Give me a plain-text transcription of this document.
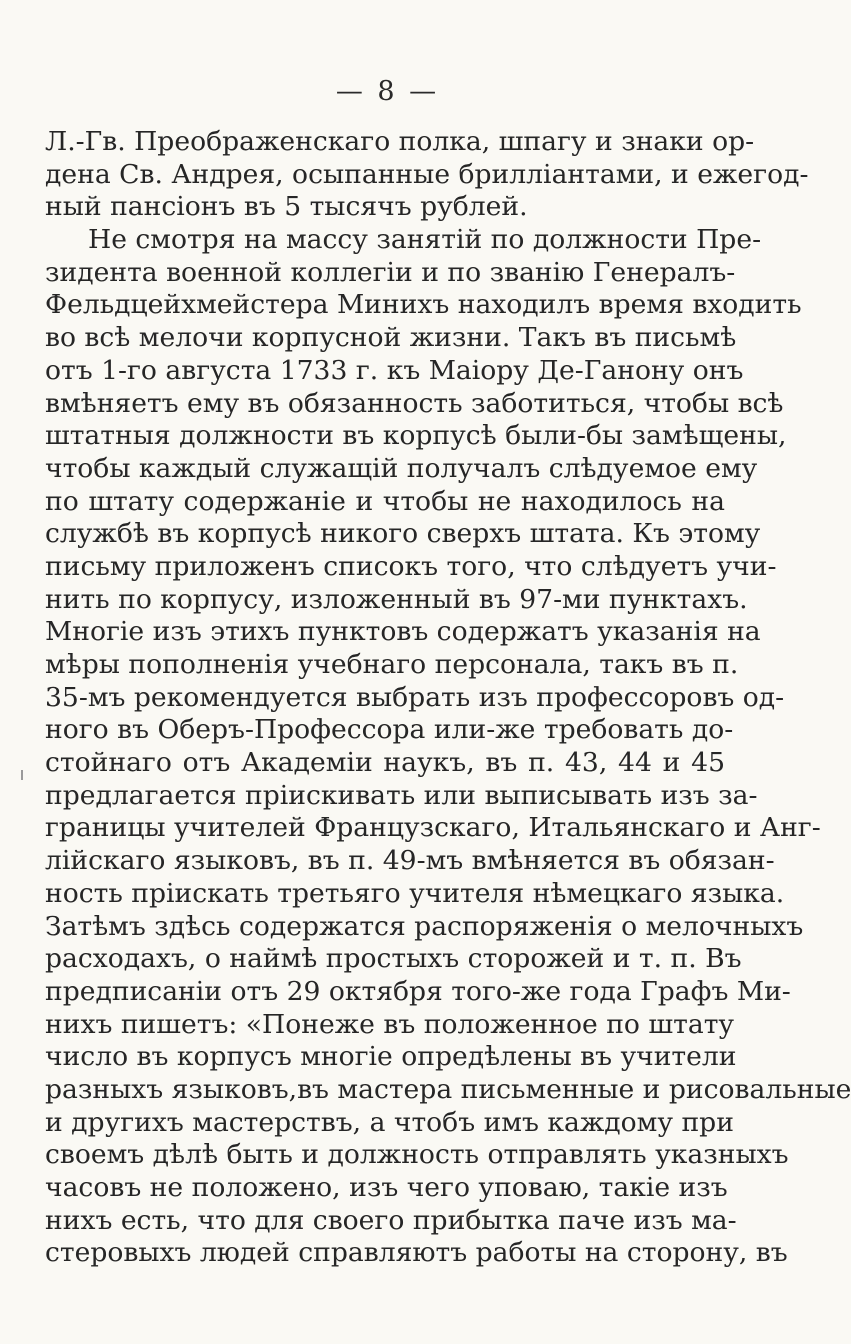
— 8 —
Л.-Гв. Преображенскаго полка, шпагу и знаки ор-
дена Св. Андрея, осыпанные брилліантами, и ежегод-
ный пансіонъ въ 5 тысячъ рублей.
Не смотря на массу занятій по должности Пре-
зидента военной коллегіи и по званію Генералъ-
Фельдцейхмейстера Минихъ находилъ время входить
во всѣ мелочи корпусной жизни. Такъ въ письмѣ
отъ 1-го августа 1733 г. къ Маіору Де-Ганону онъ
вмѣняетъ ему въ обязанность заботиться, чтобы всѣ
штатныя должности въ корпусѣ были-бы замѣщены,
чтобы каждый служащій получалъ слѣдуемое ему
по штату содержаніе и чтобы не находилось на
службѣ въ корпусѣ никого сверхъ штата. Къ этому
письму приложенъ списокъ того, что слѣдуетъ учи-
нить по корпусу, изложенный въ 97-ми пунктахъ.
Многіе изъ этихъ пунктовъ содержатъ указанія на
мѣры пополненія учебнаго персонала, такъ въ п.
35-мъ рекомендуется выбрать изъ профессоровъ од-
ного въ Оберъ-Профессора или-же требовать до-
стойнаго отъ Академіи наукъ, въ п. 43, 44 и 45
предлагается пріискивать или выписывать изъ за-
границы учителей Французскаго, Итальянскаго и Анг-
лійскаго языковъ, въ п. 49-мъ вмѣняется въ обязан-
ность пріискать третьяго учителя нѣмецкаго языка.
Затѣмъ здѣсь содержатся распоряженія о мелочныхъ
расходахъ, о наймѣ простыхъ сторожей и т. п. Въ
предписаніи отъ 29 октября того-же года Графъ Ми-
нихъ пишетъ: «Понеже въ положенное по штату
число въ корпусъ многіе опредѣлены въ учители
разныхъ языковъ,въ мастера письменные и рисовальные
и другихъ мастерствъ, а чтобъ имъ каждому при
своемъ дѣлѣ быть и должность отправлять указныхъ
часовъ не положено, изъ чего уповаю, такіе изъ
нихъ есть, что для своего прибытка паче изъ ма-
стеровыхъ людей справляютъ работы на сторону, въ
